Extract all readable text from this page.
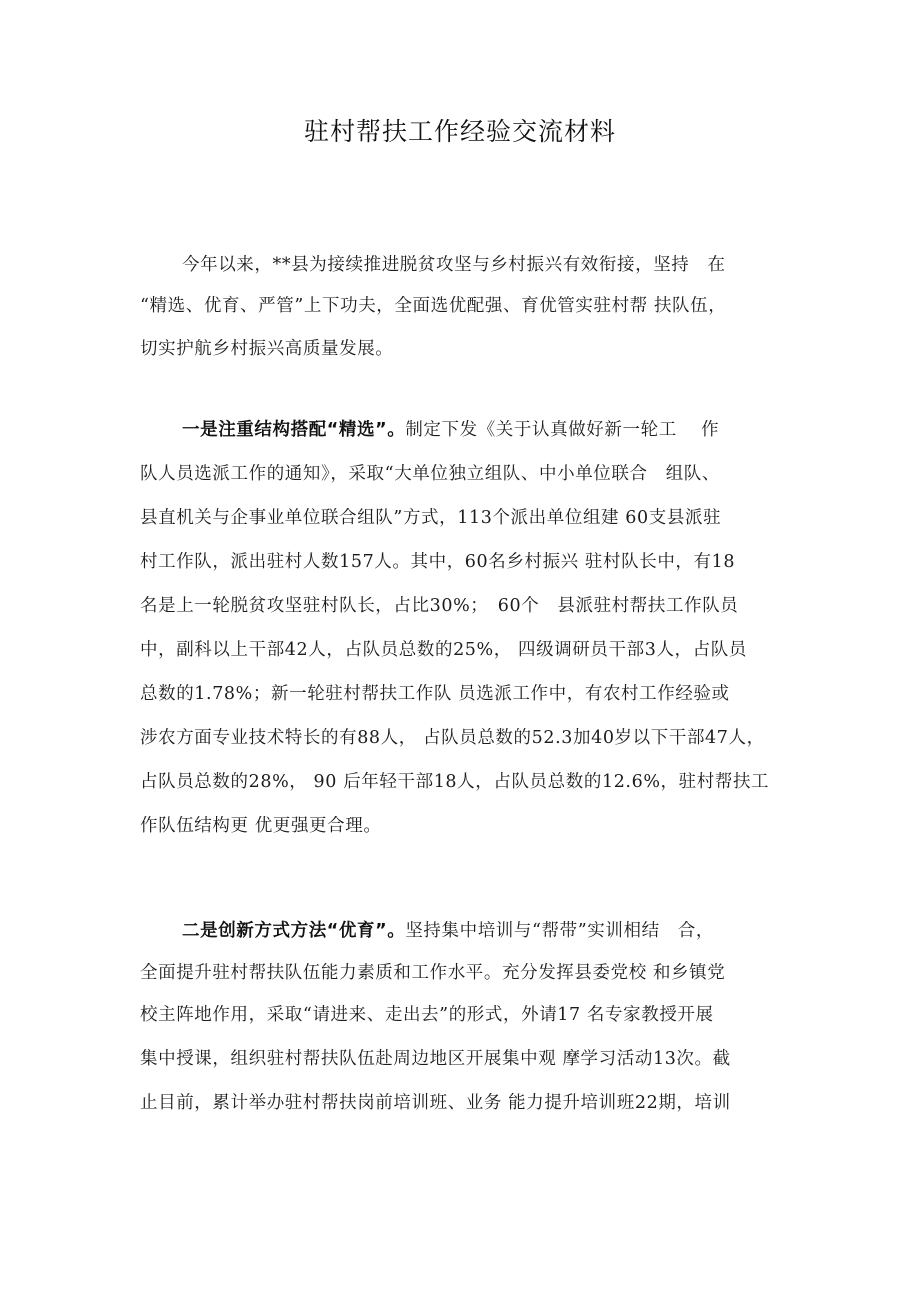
驻村帮扶工作经验交流材料
今年以来，**县为接续推进脱贫攻坚与乡村振兴有效衔接，坚持　在
“精选、优育、严管”上下功夫，全面选优配强、育优管实驻村帮 扶队伍，
切实护航乡村振兴高质量发展。
一是注重结构搭配“精选”。制定下发《关于认真做好新一轮工　 作
队人员选派工作的通知》，采取“大单位独立组队、中小单位联合　组队、
县直机关与企事业单位联合组队”方式，113个派出单位组建 60支县派驻
村工作队，派出驻村人数157人。其中，60名乡村振兴 驻村队长中，有18
名是上一轮脱贫攻坚驻村队长，占比30%；　60个　县派驻村帮扶工作队员
中，副科以上干部42人，占队员总数的25%， 四级调研员干部3人，占队员
总数的1.78%；新一轮驻村帮扶工作队 员选派工作中，有农村工作经验或
涉农方面专业技术特长的有88人， 占队员总数的52.3加40岁以下干部47人，
占队员总数的28%， 90 后年轻干部18人，占队员总数的12.6%，驻村帮扶工
作队伍结构更 优更强更合理。
二是创新方式方法“优育”。坚持集中培训与“帮带”实训相结　合，
全面提升驻村帮扶队伍能力素质和工作水平。充分发挥县委党校 和乡镇党
校主阵地作用，采取“请进来、走出去”的形式，外请17 名专家教授开展
集中授课，组织驻村帮扶队伍赴周边地区开展集中观 摩学习活动13次。截
止目前，累计举办驻村帮扶岗前培训班、业务 能力提升培训班22期，培训
